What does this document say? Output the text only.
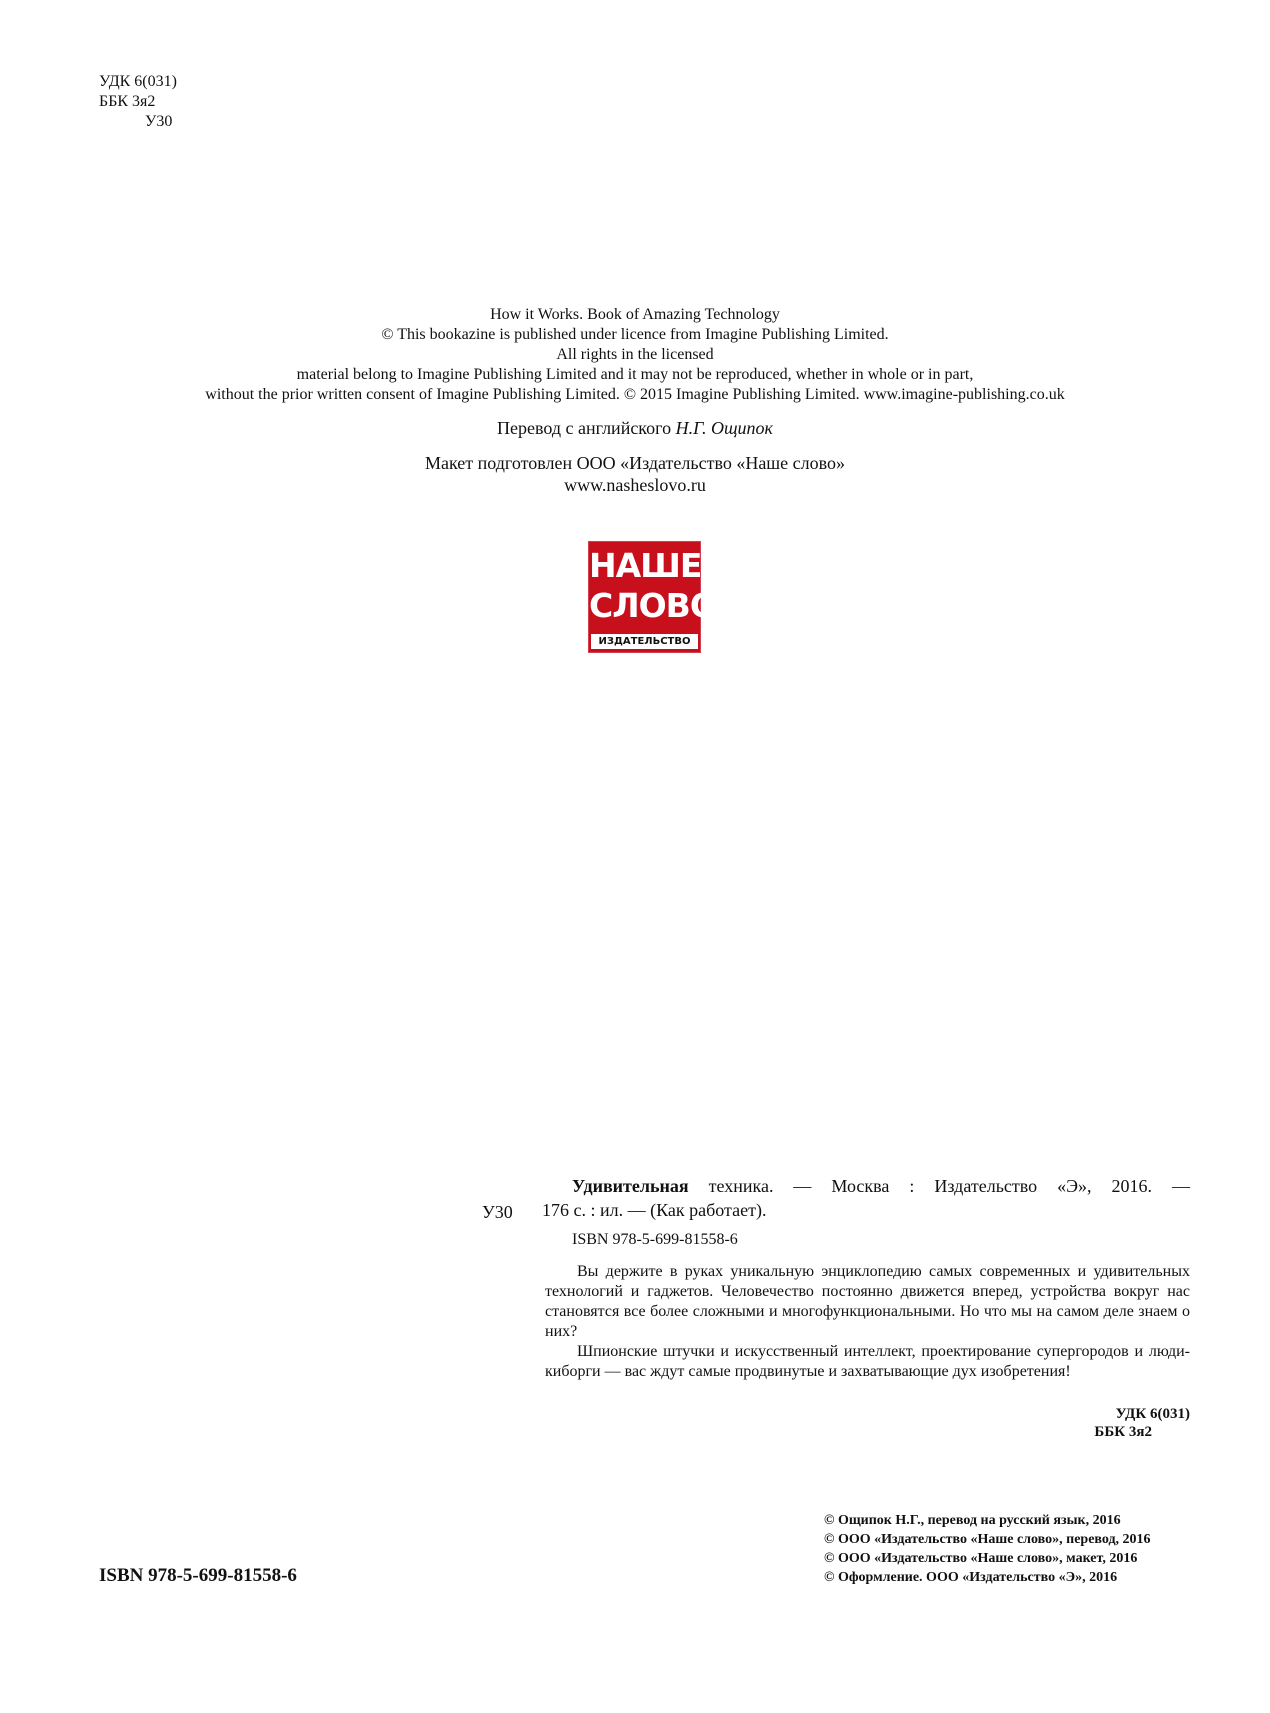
УДК 6(031)
ББК 3я2
У30
How it Works. Book of Amazing Technology
© This bookazine is published under licence from Imagine Publishing Limited.
All rights in the licensed
material belong to Imagine Publishing Limited and it may not be reproduced, whether in whole or in part,
without the prior written consent of Imagine Publishing Limited. © 2015 Imagine Publishing Limited. www.imagine-publishing.co.uk
Перевод с английского Н.Г. Ощипок
Макет подготовлен ООО «Издательство «Наше слово»
www.nasheslovo.ru
НАШЕ
СЛОВО
ИЗДАТЕЛЬСТВО
У30
Удивительная техника. — Москва : Издательство «Э», 2016. —
176 с. : ил. — (Как работает).
ISBN 978-5-699-81558-6

Вы держите в руках уникальную энциклопедию самых современных и удивительных технологий и гаджетов. Человечество постоянно движется вперед, устройства вокруг нас становятся все более сложными и многофункциональными. Но что мы на самом деле знаем о них?

Шпионские штучки и искусственный интеллект, проектирование супергородов и люди-киборги — вас ждут самые продвинутые и захватывающие дух изобретения!

УДК 6(031)
ББК 3я2
ISBN 978-5-699-81558-6
© Ощипок Н.Г., перевод на русский язык, 2016
© ООО «Издательство «Наше слово», перевод, 2016
© ООО «Издательство «Наше слово», макет, 2016
© Оформление. ООО «Издательство «Э», 2016
